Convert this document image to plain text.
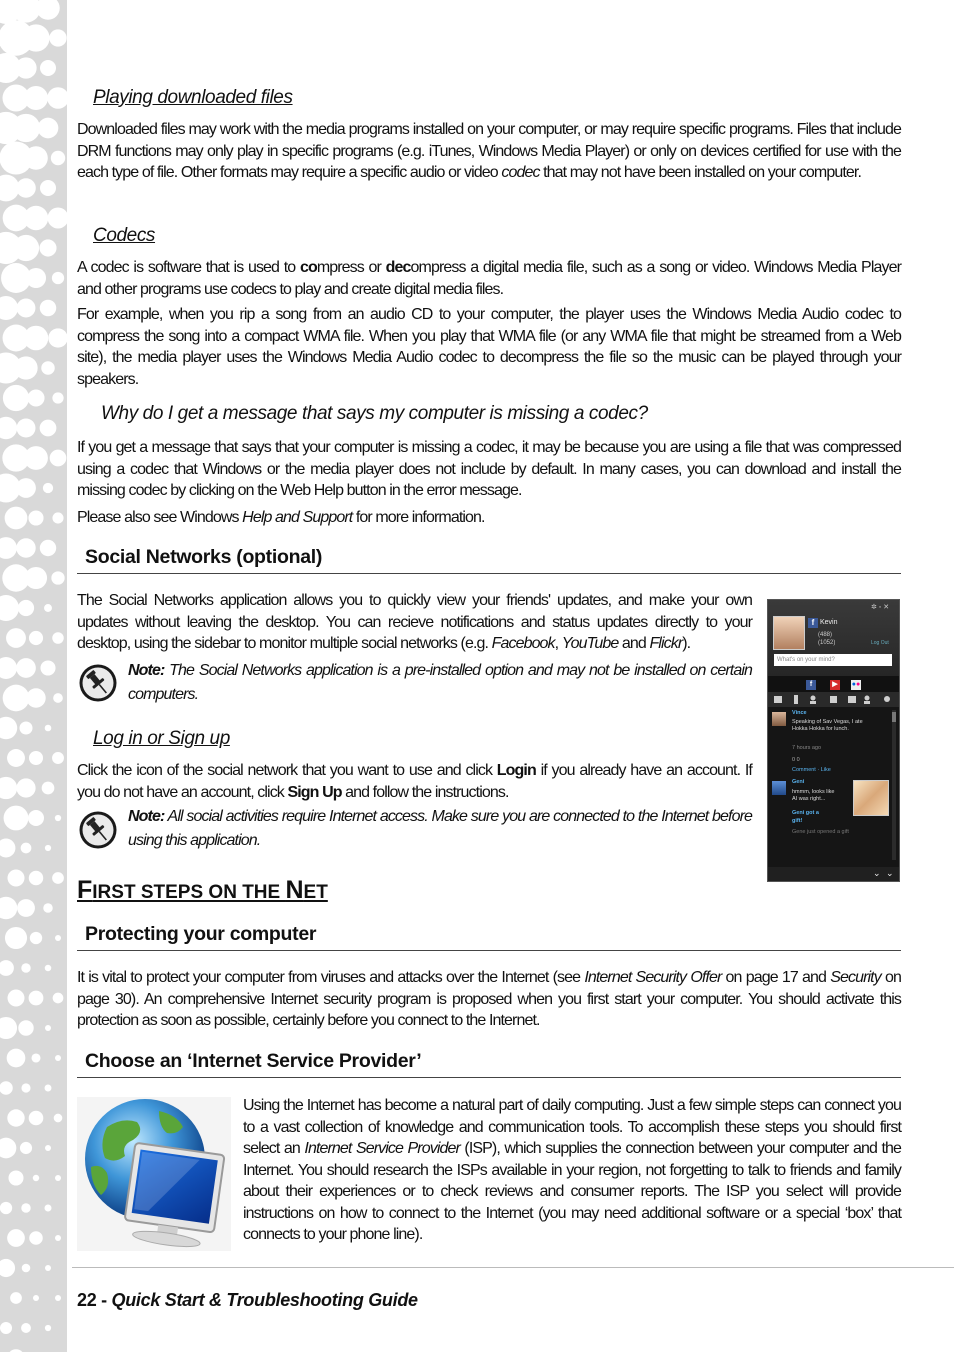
Playing downloaded files

Downloaded files may work with the media programs installed on your computer, or may require specific programs. Files that include DRM functions may only play in specific programs (e.g. iTunes, Windows Media Player) or only on devices certified for use with the each type of file. Other formats may require a specific audio or video codec that may not have been installed on your computer.

Codecs

A codec is software that is used to compress or decompress a digital media file, such as a song or video. Windows Media Player and other programs use codecs to play and create digital media files.

For example, when you rip a song from an audio CD to your computer, the player uses the Windows Media Audio codec to compress the song into a compact WMA file. When you play that WMA file (or any WMA file that might be streamed from a Web site), the media player uses the Windows Media Audio codec to decompress the file so the music can be played through your speakers.

Why do I get a message that says my computer is missing a codec?

If you get a message that says that your computer is missing a codec, it may be because you are using a file that was compressed using a codec that Windows or the media player does not include by default. In many cases, you can download and install the missing codec by clicking on the Web Help button in the error message.

Please also see Windows Help and Support for more information.

Social Networks (optional)

The Social Networks application allows you to quickly view your friends' updates, and make your own updates without leaving the desktop. You can recieve notifications and status updates directly to your desktop, using the sidebar to monitor multiple social networks (e.g. Facebook, YouTube and Flickr).

Note: The Social Networks application is a pre-installed option and may not be installed on certain computers.

Log in or Sign up

Click the icon of the social network that you want to use and click Login if you already have an account. If you do not have an account, click Sign Up and follow the instructions.

Note: All social activities require Internet access. Make sure you are connected to the Internet before using this application.

✲ ◦ ✕
f Kevin
(488)
(1052)	Log Out
What's on your mind?
f	▶	●●
Vince
Speaking of Sav Vegas, I ate
Hokka Hokka for lunch.
7 hours ago
0 0
Comment · Like
Geni
hmmm, looks like
AI was right...
Geni got a
gift!
Gene just opened a gift
⌄ ⌄
FIRST STEPS ON THE NET
Protecting your computer

It is vital to protect your computer from viruses and attacks over the Internet (see Internet Security Offer on page 17 and Security on page 30). An comprehensive Internet security program is proposed when you first start your computer. You should activate this protection as soon as possible, certainly before you connect to the Internet.

Choose an ‘Internet Service Provider’

Using the Internet has become a natural part of daily computing. Just a few simple steps can connect you to a vast collection of knowledge and communication tools. To accomplish these steps you should first select an Internet Service Provider (ISP), which supplies the connection between your computer and the Internet. You should research the ISPs available in your region, not forgetting to talk to friends and family about their experiences or to check reviews and consumer reports. The ISP you select will provide instructions on how to connect to the Internet (you may need additional software or a special ‘box’ that connects to your phone line).

22 - Quick Start & Troubleshooting Guide
